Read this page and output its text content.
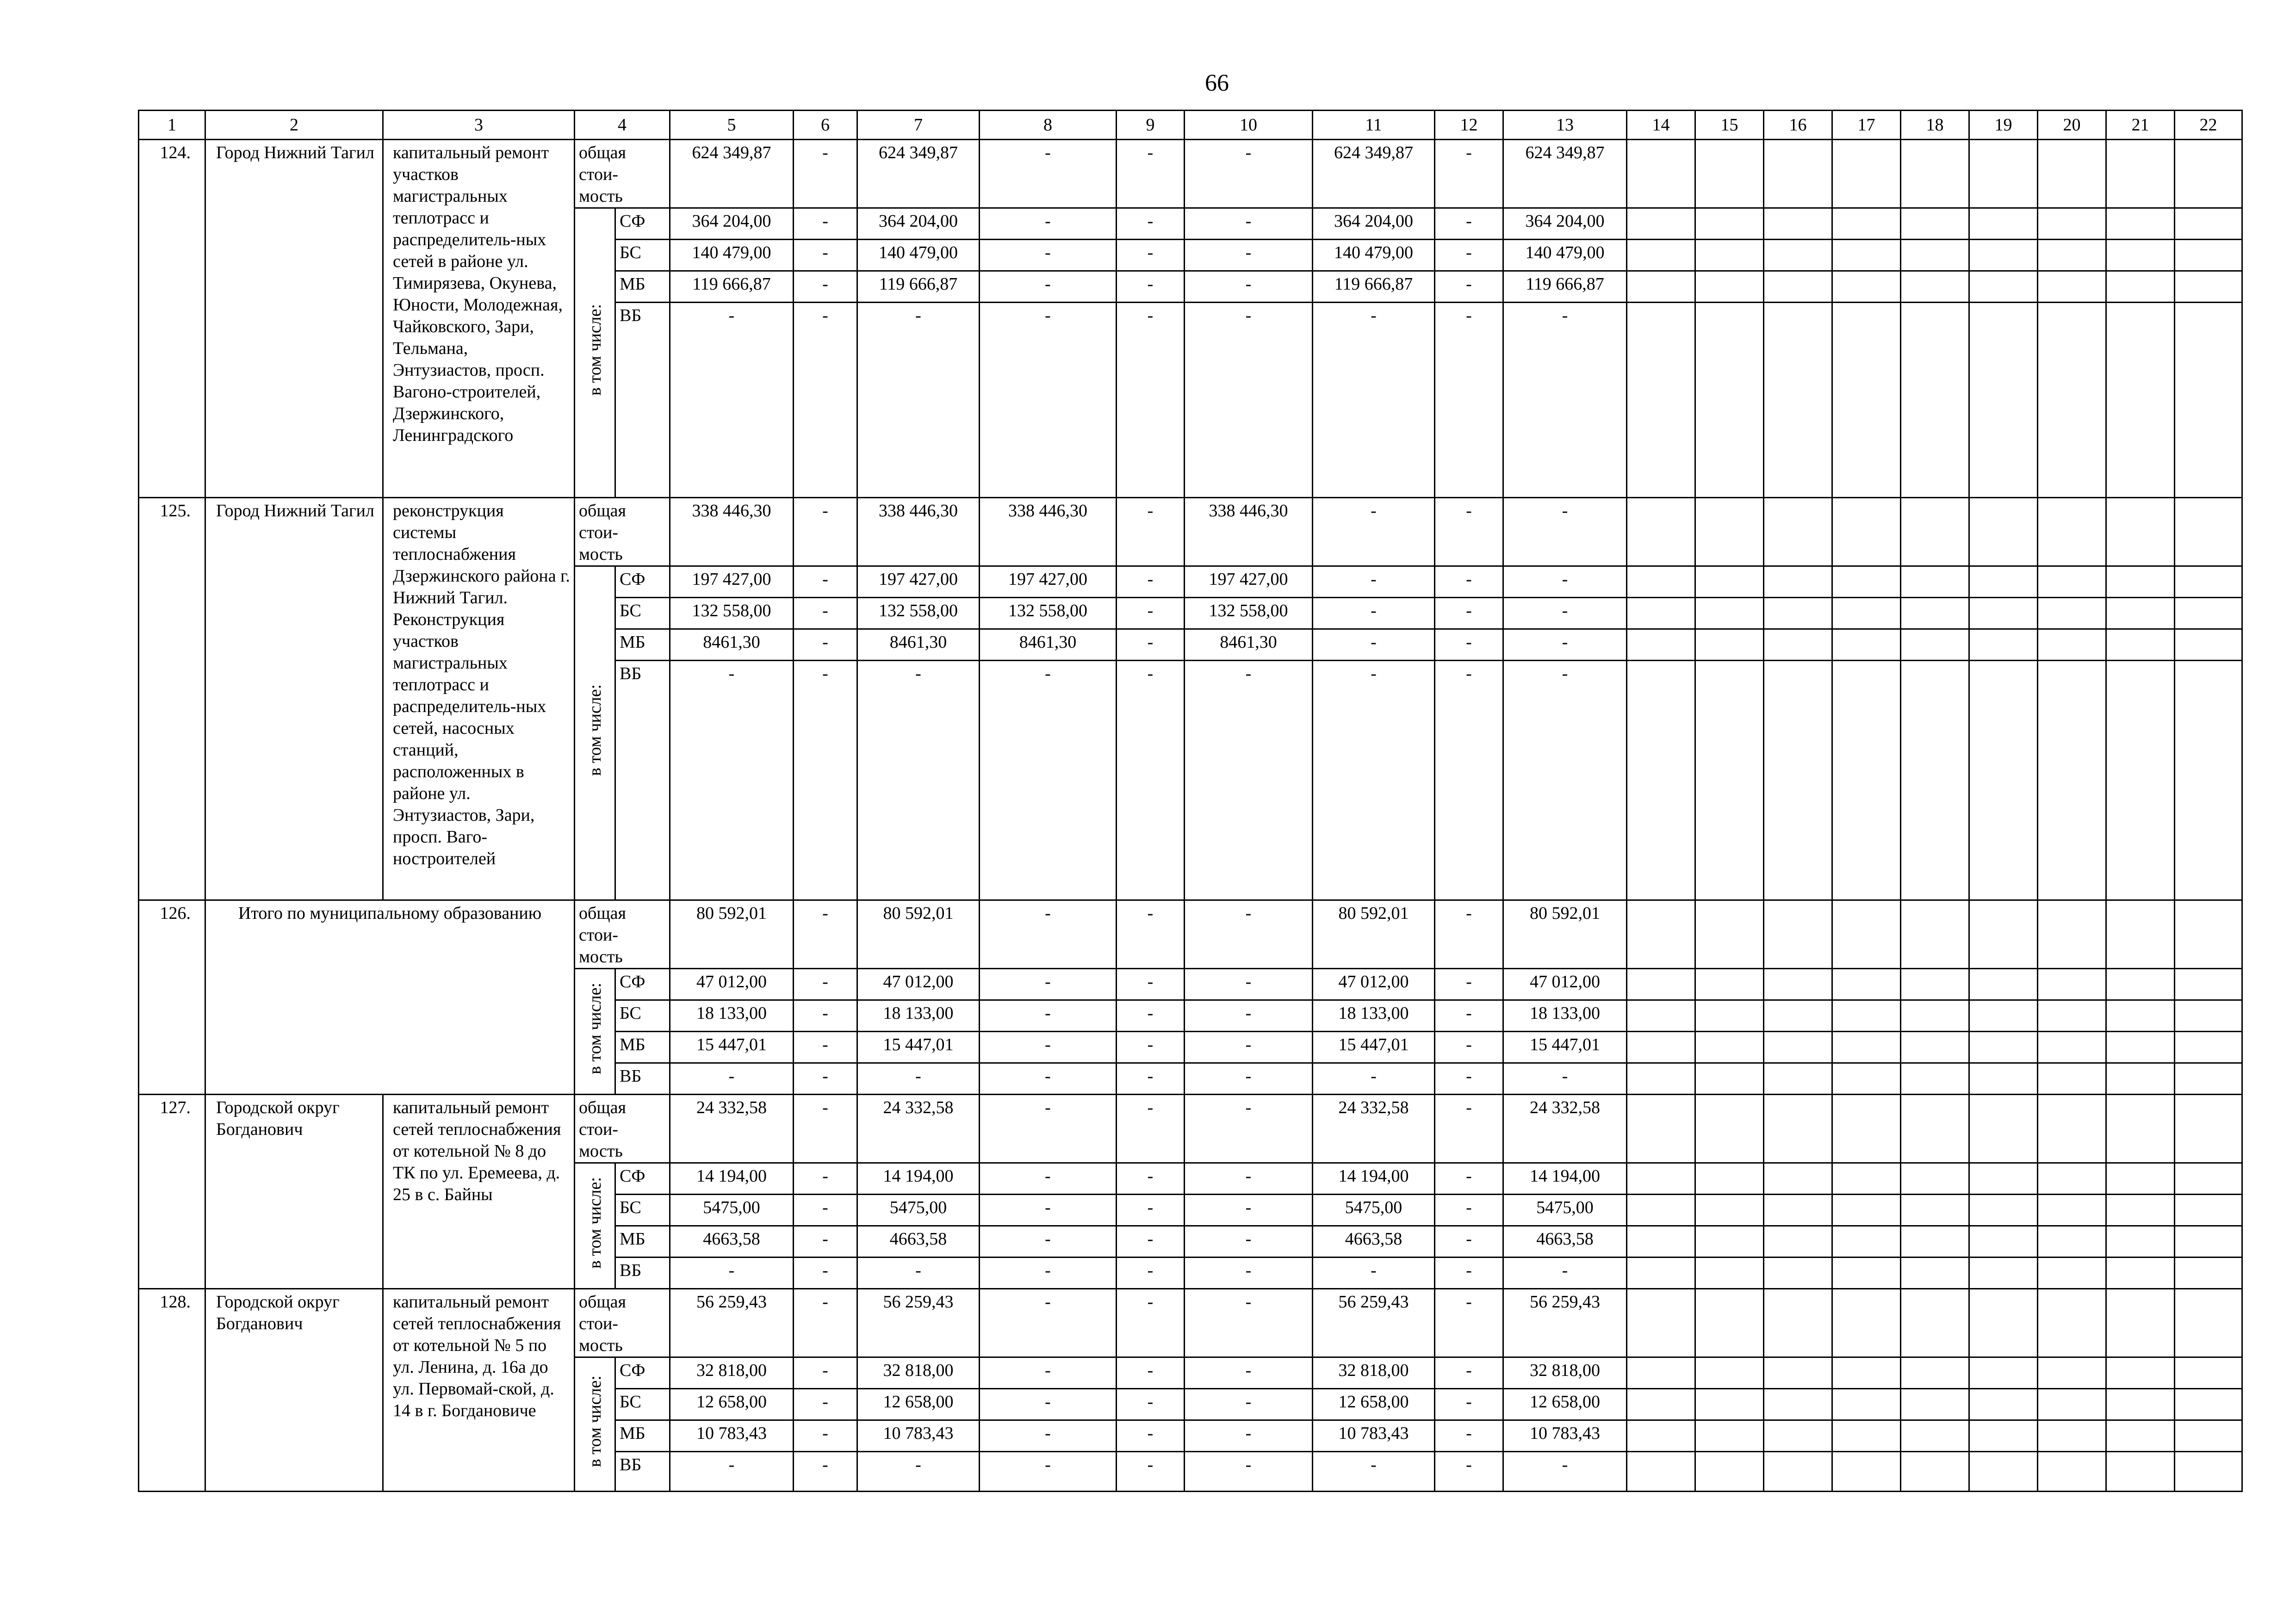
66
1	2	3	4		5	6	7	8	9	10	11	12	13	14	15	16	17	18	19	20	21	22
124.	Город Нижний Тагил	капитальный ремонт участков магистральных теплотрасс и распределитель-ных сетей в районе ул. Тимирязева, Окунева, Юности, Молодежная, Чайковского, Зари, Тельмана, Энтузиастов, просп. Вагоно-строителей, Дзержинского, Ленинградского	общая стои-мость		624 349,87	-	624 349,87	-	-	-	624 349,87	-	624 349,87									
			в том числе:	СФ	364 204,00	-	364 204,00	-	-	-	364 204,00	-	364 204,00									
				БС	140 479,00	-	140 479,00	-	-	-	140 479,00	-	140 479,00									
				МБ	119 666,87	-	119 666,87	-	-	-	119 666,87	-	119 666,87									
				ВБ	-	-	-	-	-	-	-	-	-									
125.	Город Нижний Тагил	реконструкция системы теплоснабжения Дзержинского района г. Нижний Тагил. Реконструкция участков магистральных теплотрасс и распределитель-ных сетей, насосных станций, расположенных в районе ул. Энтузиастов, Зари, просп. Ваго-ностроителей	общая стои-мость		338 446,30	-	338 446,30	338 446,30	-	338 446,30	-	-	-									
			в том числе:	СФ	197 427,00	-	197 427,00	197 427,00	-	197 427,00	-	-	-									
				БС	132 558,00	-	132 558,00	132 558,00	-	132 558,00	-	-	-									
				МБ	8461,30	-	8461,30	8461,30	-	8461,30	-	-	-									
				ВБ	-	-	-	-	-	-	-	-	-									
126.	Итого по муниципальному образованию		общая стои-мость		80 592,01	-	80 592,01	-	-	-	80 592,01	-	80 592,01									
			в том числе:	СФ	47 012,00	-	47 012,00	-	-	-	47 012,00	-	47 012,00									
				БС	18 133,00	-	18 133,00	-	-	-	18 133,00	-	18 133,00									
				МБ	15 447,01	-	15 447,01	-	-	-	15 447,01	-	15 447,01									
				ВБ	-	-	-	-	-	-	-	-	-									
127.	Городской округ Богданович	капитальный ремонт сетей теплоснабжения от котельной № 8 до ТК по ул. Еремеева, д. 25 в с. Байны	общая стои-мость		24 332,58	-	24 332,58	-	-	-	24 332,58	-	24 332,58									
			в том числе:	СФ	14 194,00	-	14 194,00	-	-	-	14 194,00	-	14 194,00									
				БС	5475,00	-	5475,00	-	-	-	5475,00	-	5475,00									
				МБ	4663,58	-	4663,58	-	-	-	4663,58	-	4663,58									
				ВБ	-	-	-	-	-	-	-	-	-									
128.	Городской округ Богданович	капитальный ремонт сетей теплоснабжения от котельной № 5 по ул. Ленина, д. 16а до ул. Первомай-ской, д. 14 в г. Богдановиче	общая стои-мость		56 259,43	-	56 259,43	-	-	-	56 259,43	-	56 259,43									
			в том числе:	СФ	32 818,00	-	32 818,00	-	-	-	32 818,00	-	32 818,00									
				БС	12 658,00	-	12 658,00	-	-	-	12 658,00	-	12 658,00									
				МБ	10 783,43	-	10 783,43	-	-	-	10 783,43	-	10 783,43									
				ВБ	-	-	-	-	-	-	-	-	-									
